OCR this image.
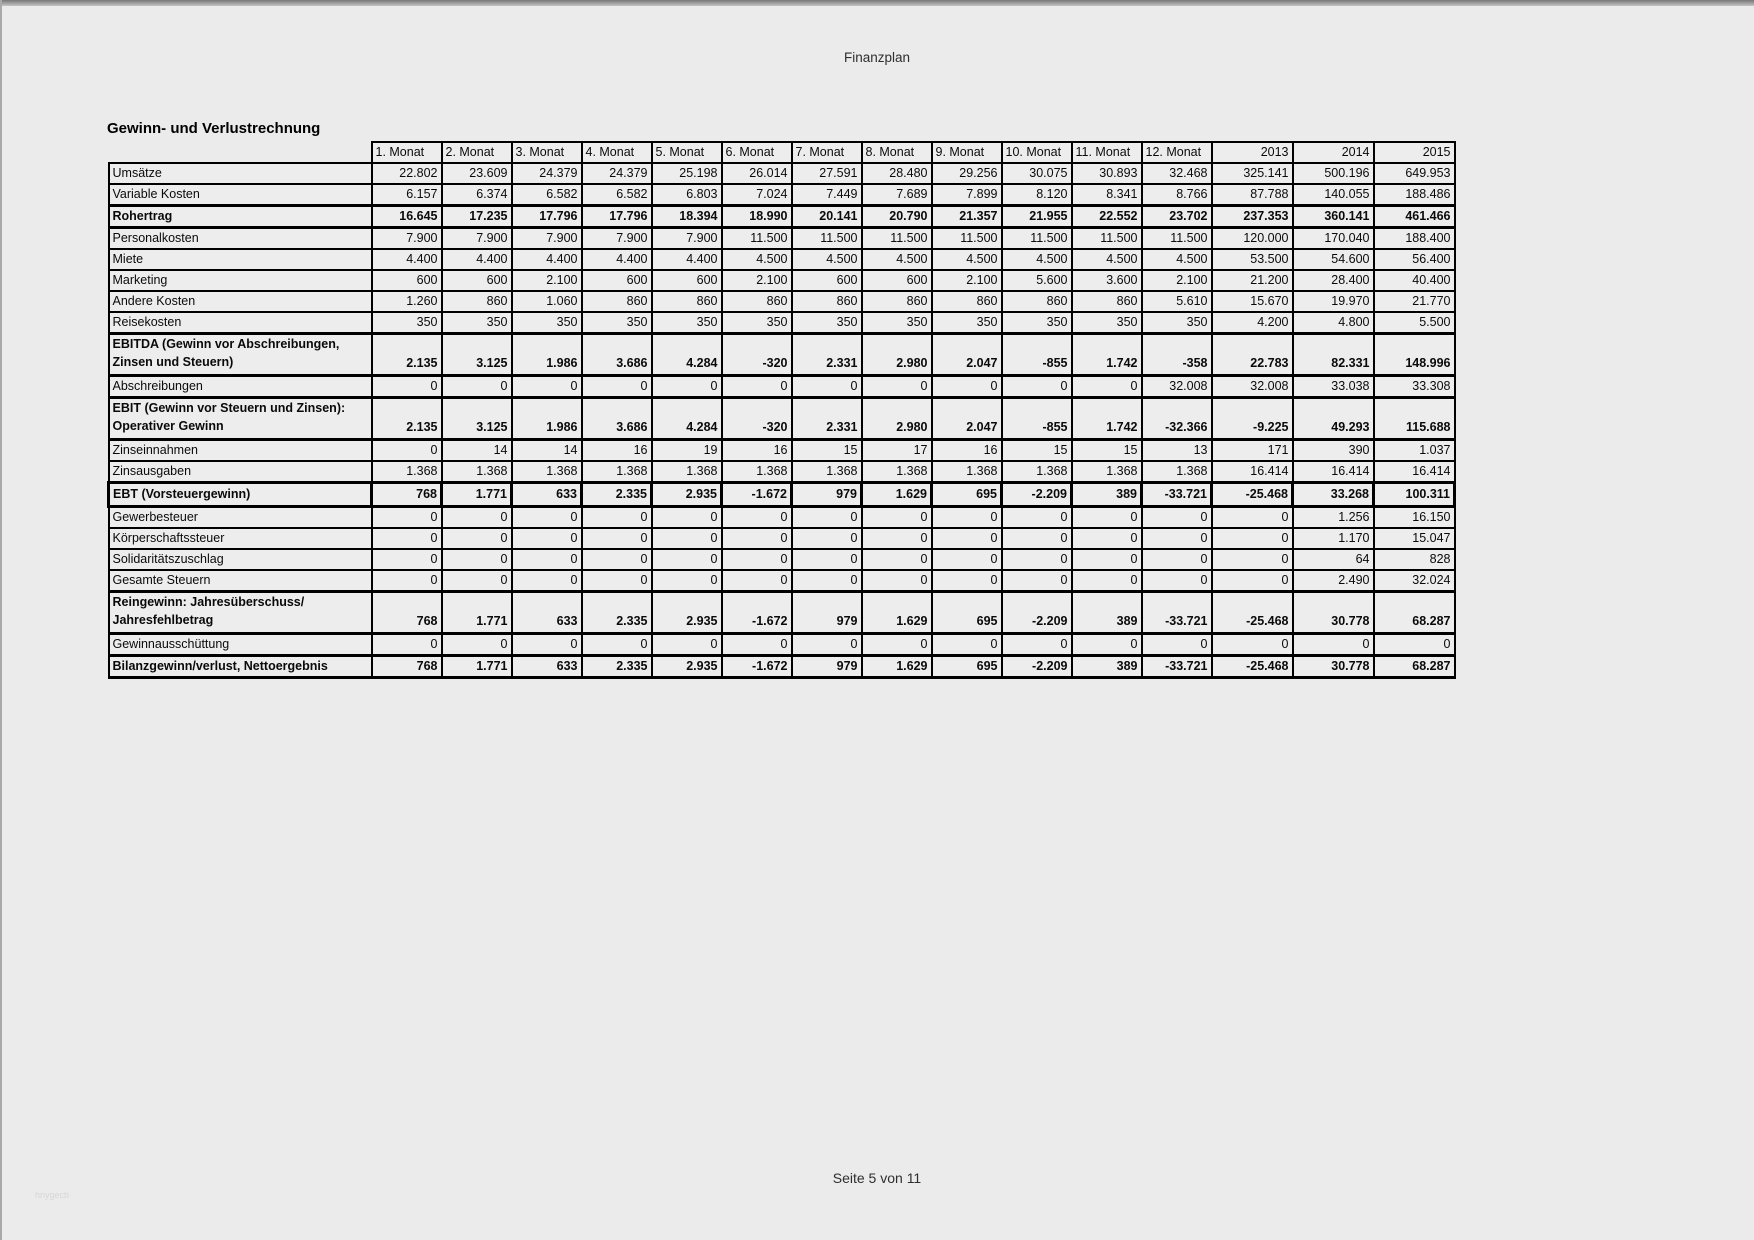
Finanzplan
Gewinn- und Verlustrechnung
	1. Monat	2. Monat	3. Monat	4. Monat	5. Monat	6. Monat	7. Monat	8. Monat	9. Monat	10. Monat	11. Monat	12. Monat	2013	2014	2015
Umsätze	22.802	23.609	24.379	24.379	25.198	26.014	27.591	28.480	29.256	30.075	30.893	32.468	325.141	500.196	649.953
Variable Kosten	6.157	6.374	6.582	6.582	6.803	7.024	7.449	7.689	7.899	8.120	8.341	8.766	87.788	140.055	188.486
Rohertrag	16.645	17.235	17.796	17.796	18.394	18.990	20.141	20.790	21.357	21.955	22.552	23.702	237.353	360.141	461.466
Personalkosten	7.900	7.900	7.900	7.900	7.900	11.500	11.500	11.500	11.500	11.500	11.500	11.500	120.000	170.040	188.400
Miete	4.400	4.400	4.400	4.400	4.400	4.500	4.500	4.500	4.500	4.500	4.500	4.500	53.500	54.600	56.400
Marketing	600	600	2.100	600	600	2.100	600	600	2.100	5.600	3.600	2.100	21.200	28.400	40.400
Andere Kosten	1.260	860	1.060	860	860	860	860	860	860	860	860	5.610	15.670	19.970	21.770
Reisekosten	350	350	350	350	350	350	350	350	350	350	350	350	4.200	4.800	5.500

EBITDA (Gewinn vor Abschreibungen,
Zinsen und Steuern)	2.135	3.125	1.986	3.686	4.284	-320	2.331	2.980	2.047	-855	1.742	-358	22.783	82.331	148.996
Abschreibungen	0	0	0	0	0	0	0	0	0	0	0	32.008	32.008	33.038	33.308

EBIT (Gewinn vor Steuern und Zinsen):
Operativer Gewinn	2.135	3.125	1.986	3.686	4.284	-320	2.331	2.980	2.047	-855	1.742	-32.366	-9.225	49.293	115.688
Zinseinnahmen	0	14	14	16	19	16	15	17	16	15	15	13	171	390	1.037
Zinsausgaben	1.368	1.368	1.368	1.368	1.368	1.368	1.368	1.368	1.368	1.368	1.368	1.368	16.414	16.414	16.414
EBT (Vorsteuergewinn)	768	1.771	633	2.335	2.935	-1.672	979	1.629	695	-2.209	389	-33.721	-25.468	33.268	100.311
Gewerbesteuer	0	0	0	0	0	0	0	0	0	0	0	0	0	1.256	16.150
Körperschaftssteuer	0	0	0	0	0	0	0	0	0	0	0	0	0	1.170	15.047
Solidaritätszuschlag	0	0	0	0	0	0	0	0	0	0	0	0	0	64	828
Gesamte Steuern	0	0	0	0	0	0	0	0	0	0	0	0	0	2.490	32.024

Reingewinn: Jahresüberschuss/
Jahresfehlbetrag	768	1.771	633	2.335	2.935	-1.672	979	1.629	695	-2.209	389	-33.721	-25.468	30.778	68.287
Gewinnausschüttung	0	0	0	0	0	0	0	0	0	0	0	0	0	0	0
Bilanzgewinn/verlust, Nettoergebnis	768	1.771	633	2.335	2.935	-1.672	979	1.629	695	-2.209	389	-33.721	-25.468	30.778	68.287
Seite 5 von 11
hnygecb
